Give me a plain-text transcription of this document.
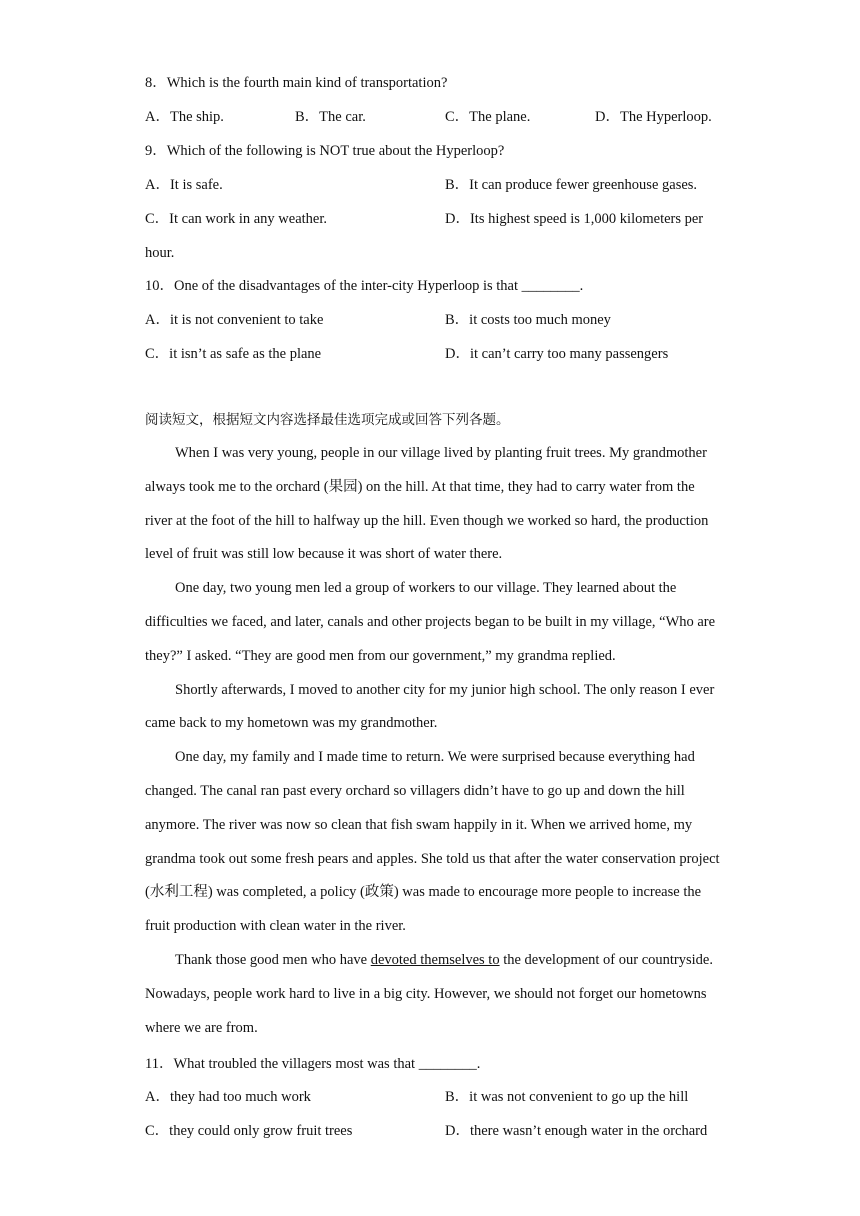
8．Which is the fourth main kind of transportation?
A．The ship.	B．The car.	C．The plane.	D．The Hyperloop.
9．Which of the following is NOT true about the Hyperloop?
A．It is safe.	B．It can produce fewer greenhouse gases.
C．It can work in any weather.	D．Its highest speed is 1,000 kilometers per
hour.
10．One of the disadvantages of the inter-city Hyperloop is that ________.
A．it is not convenient to take	B．it costs too much money
C．it isn’t as safe as the plane	D．it can’t carry too many passengers
阅读短文，根据短文内容选择最佳选项完成或回答下列各题。

When I was very young, people in our village lived by planting fruit trees. My grandmother always took me to the orchard (果园) on the hill. At that time, they had to carry water from the river at the foot of the hill to halfway up the hill. Even though we worked so hard, the production level of fruit was still low because it was short of water there.

One day, two young men led a group of workers to our village. They learned about the difficulties we faced, and later, canals and other projects began to be built in my village, “Who are they?” I asked. “They are good men from our government,” my grandma replied.

Shortly afterwards, I moved to another city for my junior high school. The only reason I ever came back to my hometown was my grandmother.

One day, my family and I made time to return. We were surprised because everything had changed. The canal ran past every orchard so villagers didn’t have to go up and down the hill anymore. The river was now so clean that fish swam happily in it. When we arrived home, my grandma took out some fresh pears and apples. She told us that after the water conservation project (水利工程) was completed, a policy (政策) was made to encourage more people to increase the fruit production with clean water in the river.

Thank those good men who have devoted themselves to the development of our countryside. Nowadays, people work hard to live in a big city. However, we should not forget our hometowns where we are from.

11．What troubled the villagers most was that ________.
A．they had too much work	B．it was not convenient to go up the hill
C．they could only grow fruit trees	D．there wasn’t enough water in the orchard
